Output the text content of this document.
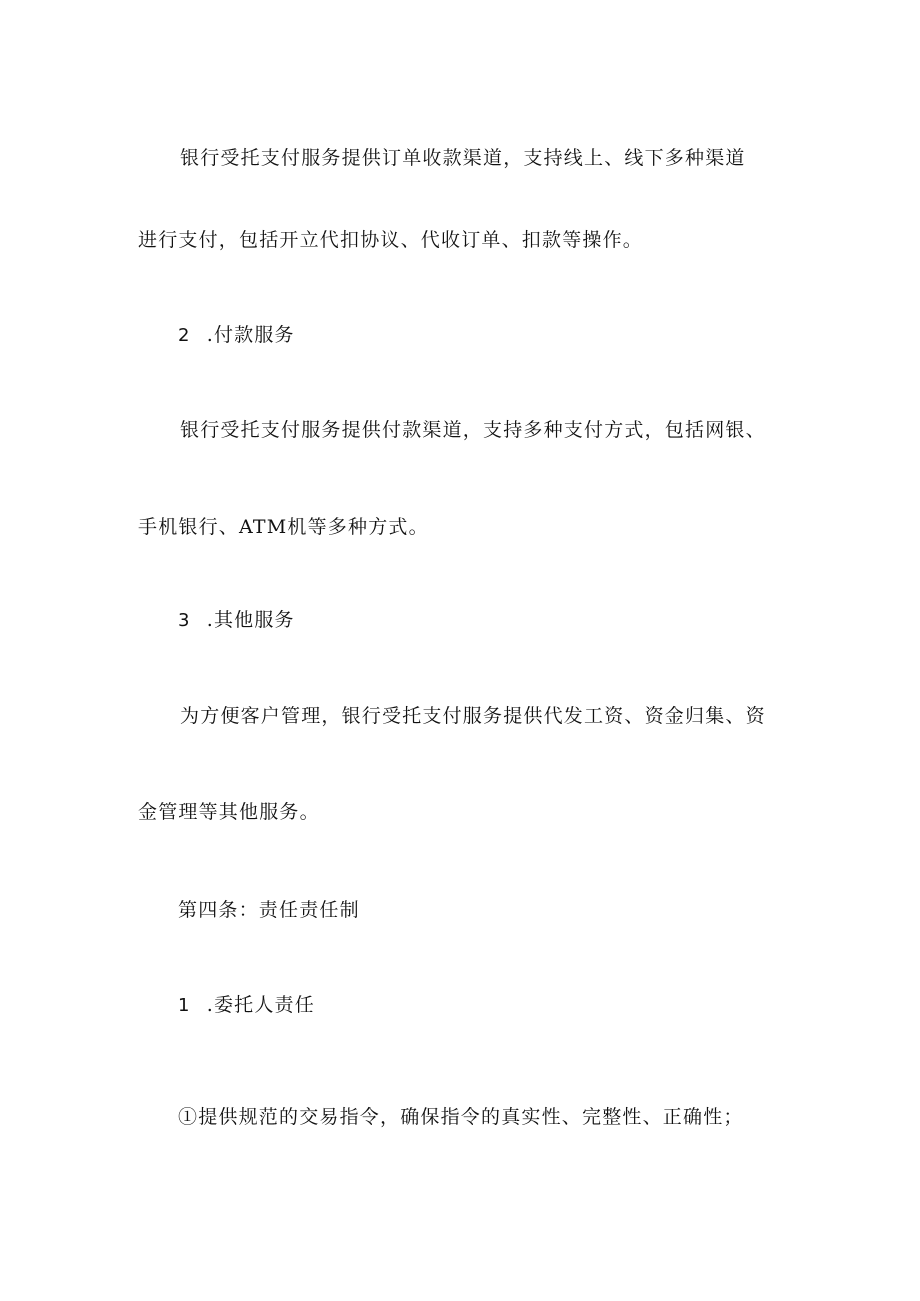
银行受托支付服务提供订单收款渠道，支持线上、线下多种渠道
进行支付，包括开立代扣协议、代收订单、扣款等操作。
2 .付款服务
银行受托支付服务提供付款渠道，支持多种支付方式，包括网银、
手机银行、ATM机等多种方式。
3 .其他服务
为方便客户管理，银行受托支付服务提供代发工资、资金归集、资
金管理等其他服务。
第四条：责任责任制
1 .委托人责任
①提供规范的交易指令，确保指令的真实性、完整性、正确性；
